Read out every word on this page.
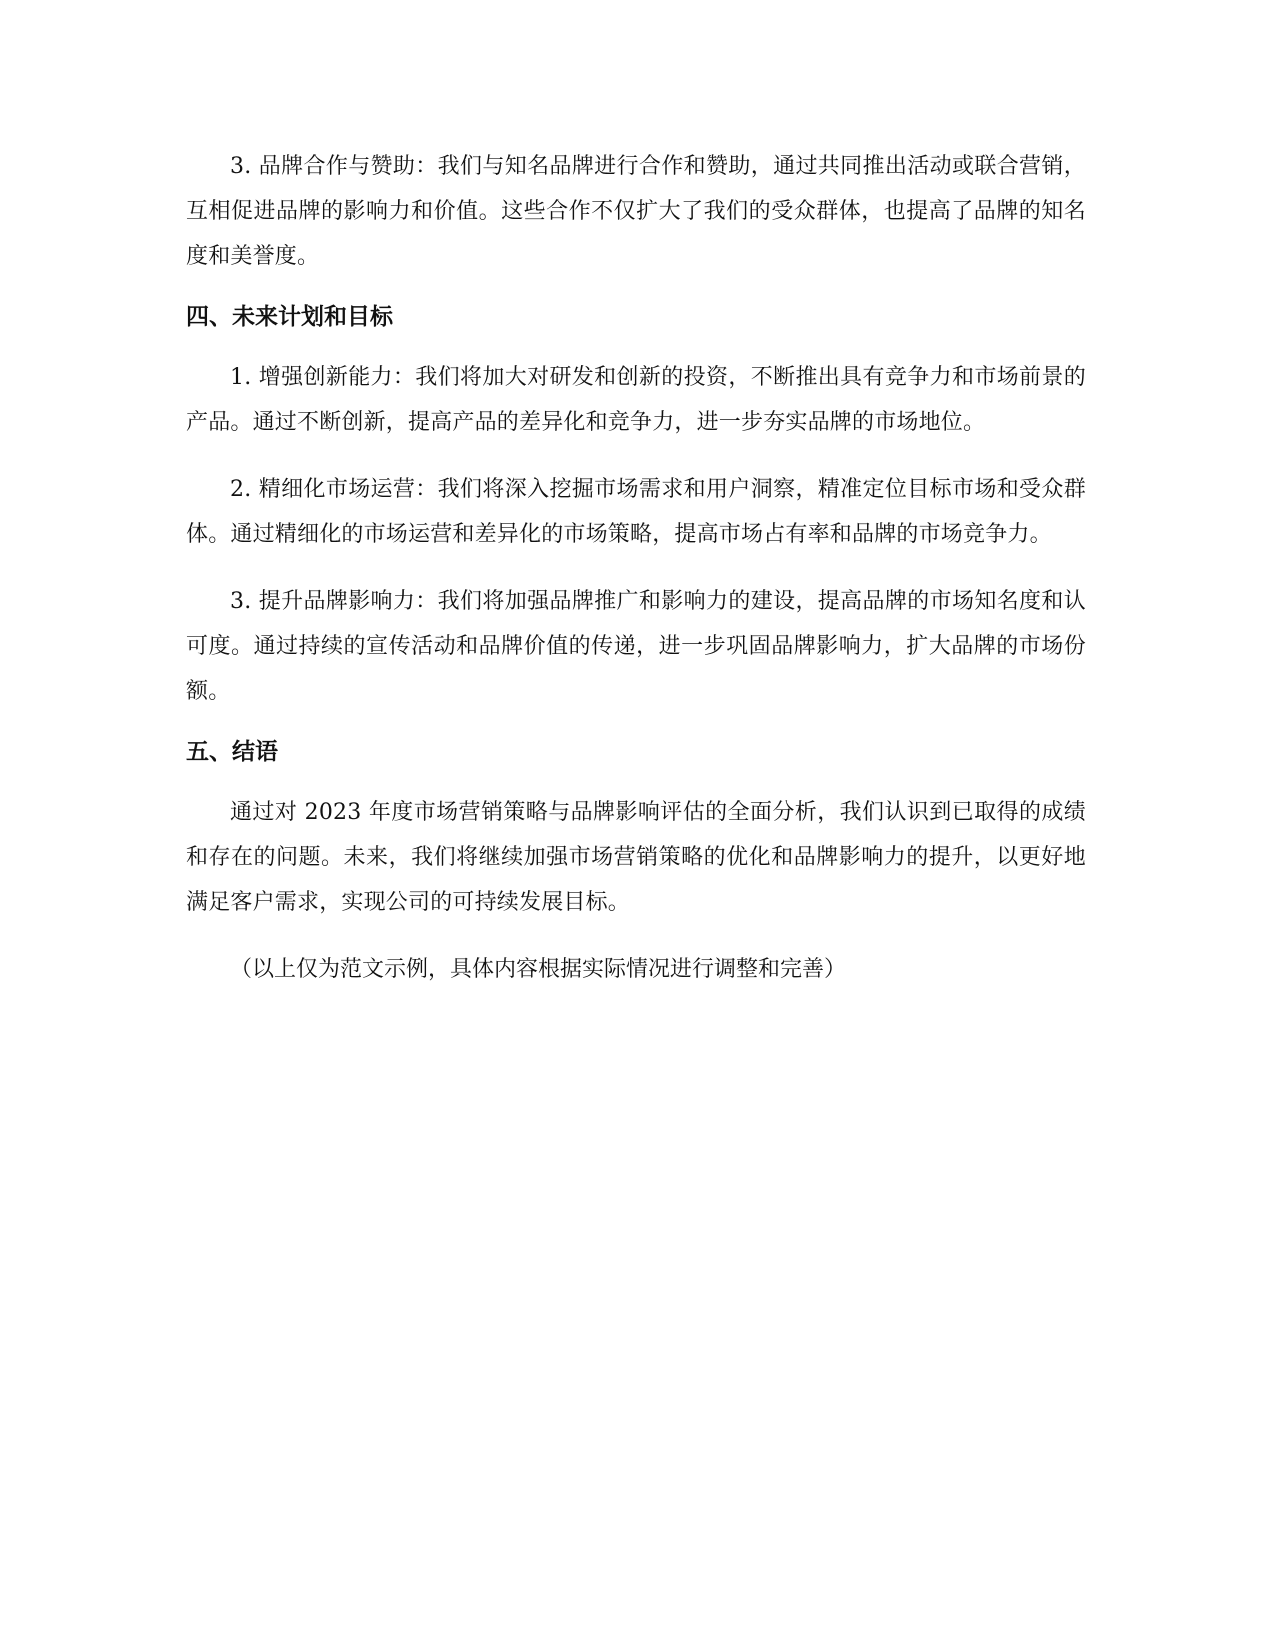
3. 品牌合作与赞助：我们与知名品牌进行合作和赞助，通过共同推出活动或联合营销，互相促进品牌的影响力和价值。这些合作不仅扩大了我们的受众群体，也提高了品牌的知名度和美誉度。

四、未来计划和目标

1. 增强创新能力：我们将加大对研发和创新的投资，不断推出具有竞争力和市场前景的产品。通过不断创新，提高产品的差异化和竞争力，进一步夯实品牌的市场地位。

2. 精细化市场运营：我们将深入挖掘市场需求和用户洞察，精准定位目标市场和受众群体。通过精细化的市场运营和差异化的市场策略，提高市场占有率和品牌的市场竞争力。

3. 提升品牌影响力：我们将加强品牌推广和影响力的建设，提高品牌的市场知名度和认可度。通过持续的宣传活动和品牌价值的传递，进一步巩固品牌影响力，扩大品牌的市场份额。

五、结语

通过对 2023 年度市场营销策略与品牌影响评估的全面分析，我们认识到已取得的成绩和存在的问题。未来，我们将继续加强市场营销策略的优化和品牌影响力的提升，以更好地满足客户需求，实现公司的可持续发展目标。

（以上仅为范文示例，具体内容根据实际情况进行调整和完善）
